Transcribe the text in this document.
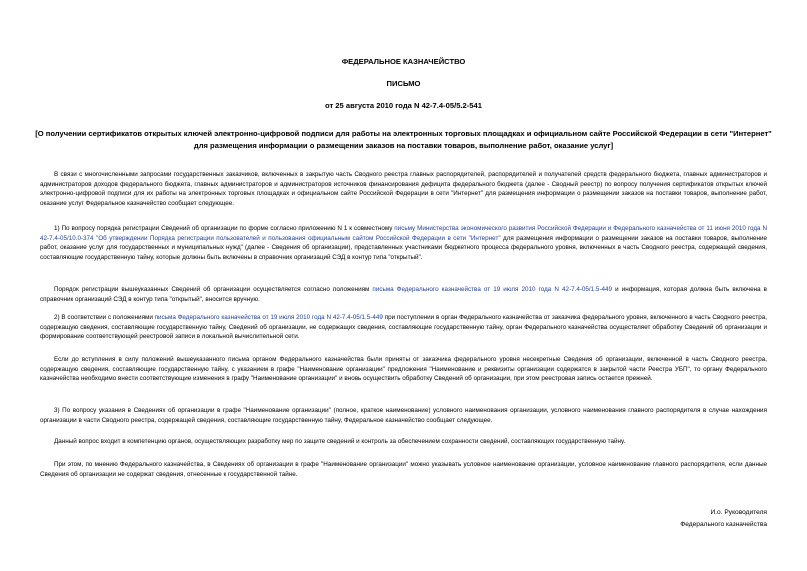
ФЕДЕРАЛЬНОЕ КАЗНАЧЕЙСТВО
ПИСЬМО
от 25 августа 2010 года N 42-7.4-05/5.2-541
[О получении сертификатов открытых ключей электронно-цифровой подписи для работы на электронных торговых площадках и официальном сайте Российской Федерации в сети "Интернет" для размещения информации о размещении заказов на поставки товаров, выполнение работ, оказание услуг]
В связи с многочисленными запросами государственных заказчиков, включенных в закрытую часть Сводного реестра главных распорядителей, распорядителей и получателей средств федерального бюджета, главных администраторов и администраторов доходов федерального бюджета, главных администраторов и администраторов источников финансирования дефицита федерального бюджета (далее - Сводный реестр) по вопросу получения сертификатов открытых ключей электронно-цифровой подписи для их работы на электронных торговых площадках и официальном сайте Российской Федерации в сети "Интернет" для размещения информации о размещении заказов на поставки товаров, выполнение работ, оказание услуг Федеральное казначейство сообщает следующее.
1) По вопросу порядка регистрации Сведений об организации по форме согласно приложению N 1 к совместному письму Министерства экономического развития Российской Федерации и Федерального казначейства от 11 июня 2010 года N 42-7.4-05/10.0-374 "Об утверждении Порядка регистрации пользователей и пользования официальным сайтом Российской Федерации в сети "Интернет" для размещения информации о размещении заказов на поставки товаров, выполнение работ, оказание услуг для государственных и муниципальных нужд" (далее - Сведения об организации), представленных участниками бюджетного процесса федерального уровня, включенных в часть Сводного реестра, содержащей сведения, составляющие государственную тайну, которые должны быть включены в справочник организаций СЭД в контур типа "открытый".
Порядок регистрации вышеуказанных Сведений об организации осуществляется согласно положениям письма Федерального казначейства от 19 июля 2010 года N 42-7.4-05/1.5-449 и информация, которая должна быть включена в справочник организаций СЭД в контур типа "открытый", вносится вручную.
2) В соответствии с положениями письма Федерального казначейства от 19 июля 2010 года N 42-7.4-05/1.5-449 при поступлении в орган Федерального казначейства от заказчика федерального уровня, включенного в часть Сводного реестра, содержащую сведения, составляющие государственную тайну, Сведений об организации, не содержащих сведения, составляющие государственную тайну, орган Федерального казначейства осуществляет обработку Сведений об организации и формирование соответствующей реестровой записи в локальной вычислительной сети.
Если до вступления в силу положений вышеуказанного письма органом Федерального казначейства были приняты от заказчика федерального уровня несекретные Сведения об организации, включенной в часть Сводного реестра, содержащую сведения, составляющие государственную тайну, с указанием в графе "Наименование организации" предложения "Наименование и реквизиты организации содержатся в закрытой части Реестра УБП", то органу Федерального казначейства необходимо внести соответствующие изменения в графу "Наименование организации" и вновь осуществить обработку Сведений об организации, при этом реестровая запись остается прежней.
3) По вопросу указания в Сведениях об организации в графе "Наименование организации" (полное, краткое наименование) условного наименования организации, условного наименования главного распорядителя в случае нахождения организации в части Сводного реестра, содержащей сведения, составляющие государственную тайну, Федеральное казначейство сообщает следующее.
Данный вопрос входит в компетенцию органов, осуществляющих разработку мер по защите сведений и контроль за обеспечением сохранности сведений, составляющих государственную тайну.
При этом, по мнению Федерального казначейства, в Сведениях об организации в графе "Наименование организации" можно указывать условное наименование организации, условное наименование главного распорядителя, если данные Сведения об организации не содержат сведения, отнесенные к государственной тайне.
И.о. Руководителя
Федерального казначейства
